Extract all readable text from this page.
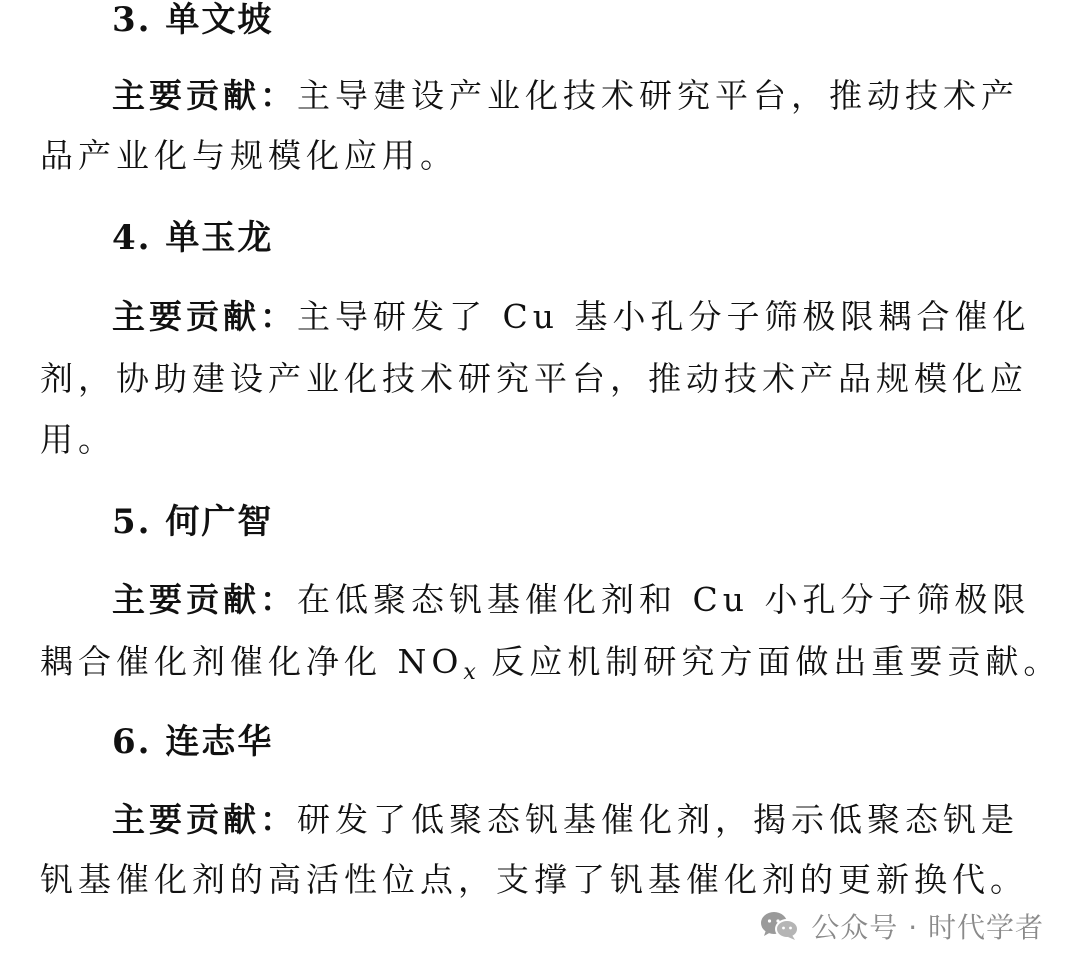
3. 单文坡
主要贡献：主导建设产业化技术研究平台，推动技术产
品产业化与规模化应用。
4. 单玉龙
主要贡献：主导研发了 Cu 基小孔分子筛极限耦合催化
剂，协助建设产业化技术研究平台，推动技术产品规模化应
用。
5. 何广智
主要贡献：在低聚态钒基催化剂和 Cu 小孔分子筛极限
耦合催化剂催化净化 $NO_x$ 反应机制研究方面做出重要贡献。
6. 连志华
主要贡献：研发了低聚态钒基催化剂，揭示低聚态钒是
钒基催化剂的高活性位点，支撑了钒基催化剂的更新换代。
公众号 · 时代学者
